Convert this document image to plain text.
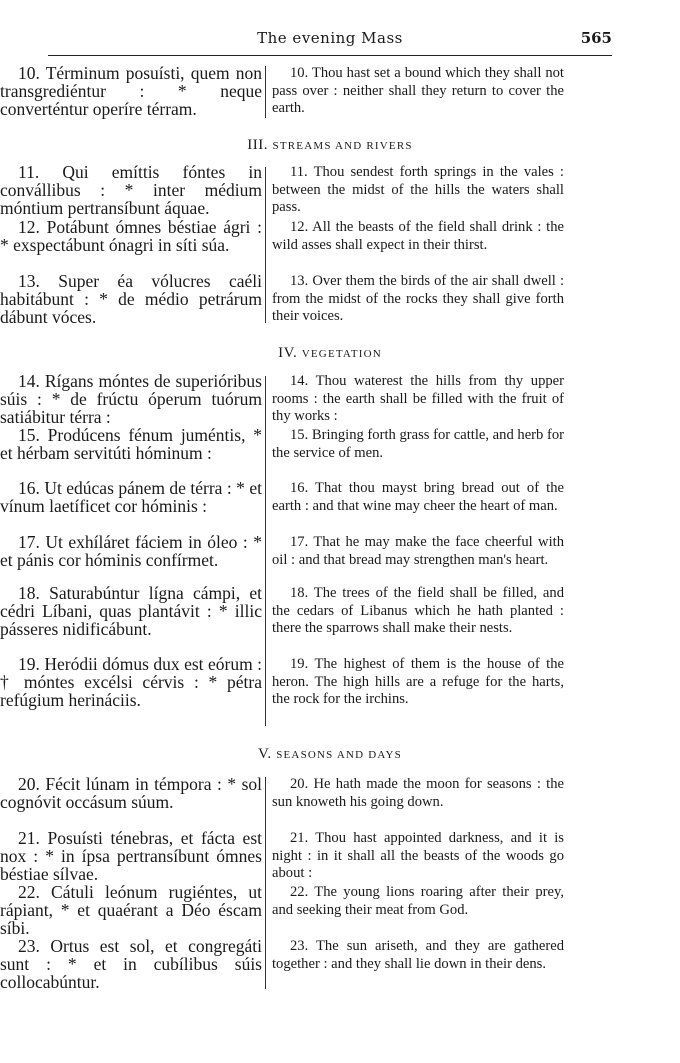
The evening Mass	565

10. Términum posuísti, quem non transgrediéntur : * neque converténtur operíre térram.

10. Thou hast set a bound which they shall not pass over : neither shall they return to cover the earth.

III. STREAMS AND RIVERS

11. Qui emíttis fóntes in convállibus : * inter médium móntium pertransíbunt áquae.

11. Thou sendest forth springs in the vales : between the midst of the hills the waters shall pass.

12. Potábunt ómnes béstiae ágri : * exspectábunt ónagri in síti súa.

12. All the beasts of the field shall drink : the wild asses shall expect in their thirst.

13. Super éa vólucres caéli habitábunt : * de médio petrárum dábunt vóces.

13. Over them the birds of the air shall dwell : from the midst of the rocks they shall give forth their voices.

IV. VEGETATION

14. Rígans móntes de superióribus súis : * de frúctu óperum tuórum satiábitur térra :

14. Thou waterest the hills from thy upper rooms : the earth shall be filled with the fruit of thy works :

15. Prodúcens fénum juméntis, * et hérbam servitúti hóminum :

15. Bringing forth grass for cattle, and herb for the service of men.

16. Ut edúcas pánem de térra : * et vínum laetíficet cor hóminis :

16. That thou mayst bring bread out of the earth : and that wine may cheer the heart of man.

17. Ut exhíláret fáciem in óleo : * et pánis cor hóminis confírmet.

17. That he may make the face cheerful with oil : and that bread may strengthen man's heart.

18. Saturabúntur lígna cámpi, et cédri Líbani, quas plantávit : * illic pásseres nidificábunt.

18. The trees of the field shall be filled, and the cedars of Libanus which he hath planted : there the sparrows shall make their nests.

19. Heródii dómus dux est eórum : † móntes excélsi cérvis : * pétra refúgium herináciis.

19. The highest of them is the house of the heron. The high hills are a refuge for the harts, the rock for the irchins.

V. SEASONS AND DAYS

20. Fécit lúnam in témpora : * sol cognóvit occásum súum.

20. He hath made the moon for seasons : the sun knoweth his going down.

21. Posuísti ténebras, et fácta est nox : * in ípsa pertransíbunt ómnes béstiae sílvae.

21. Thou hast appointed darkness, and it is night : in it shall all the beasts of the woods go about :

22. Cátuli leónum rugiéntes, ut rápiant, * et quaérant a Déo éscam síbi.

22. The young lions roaring after their prey, and seeking their meat from God.

23. Ortus est sol, et congregáti sunt : * et in cubílibus súis collocabúntur.

23. The sun ariseth, and they are gathered together : and they shall lie down in their dens.
